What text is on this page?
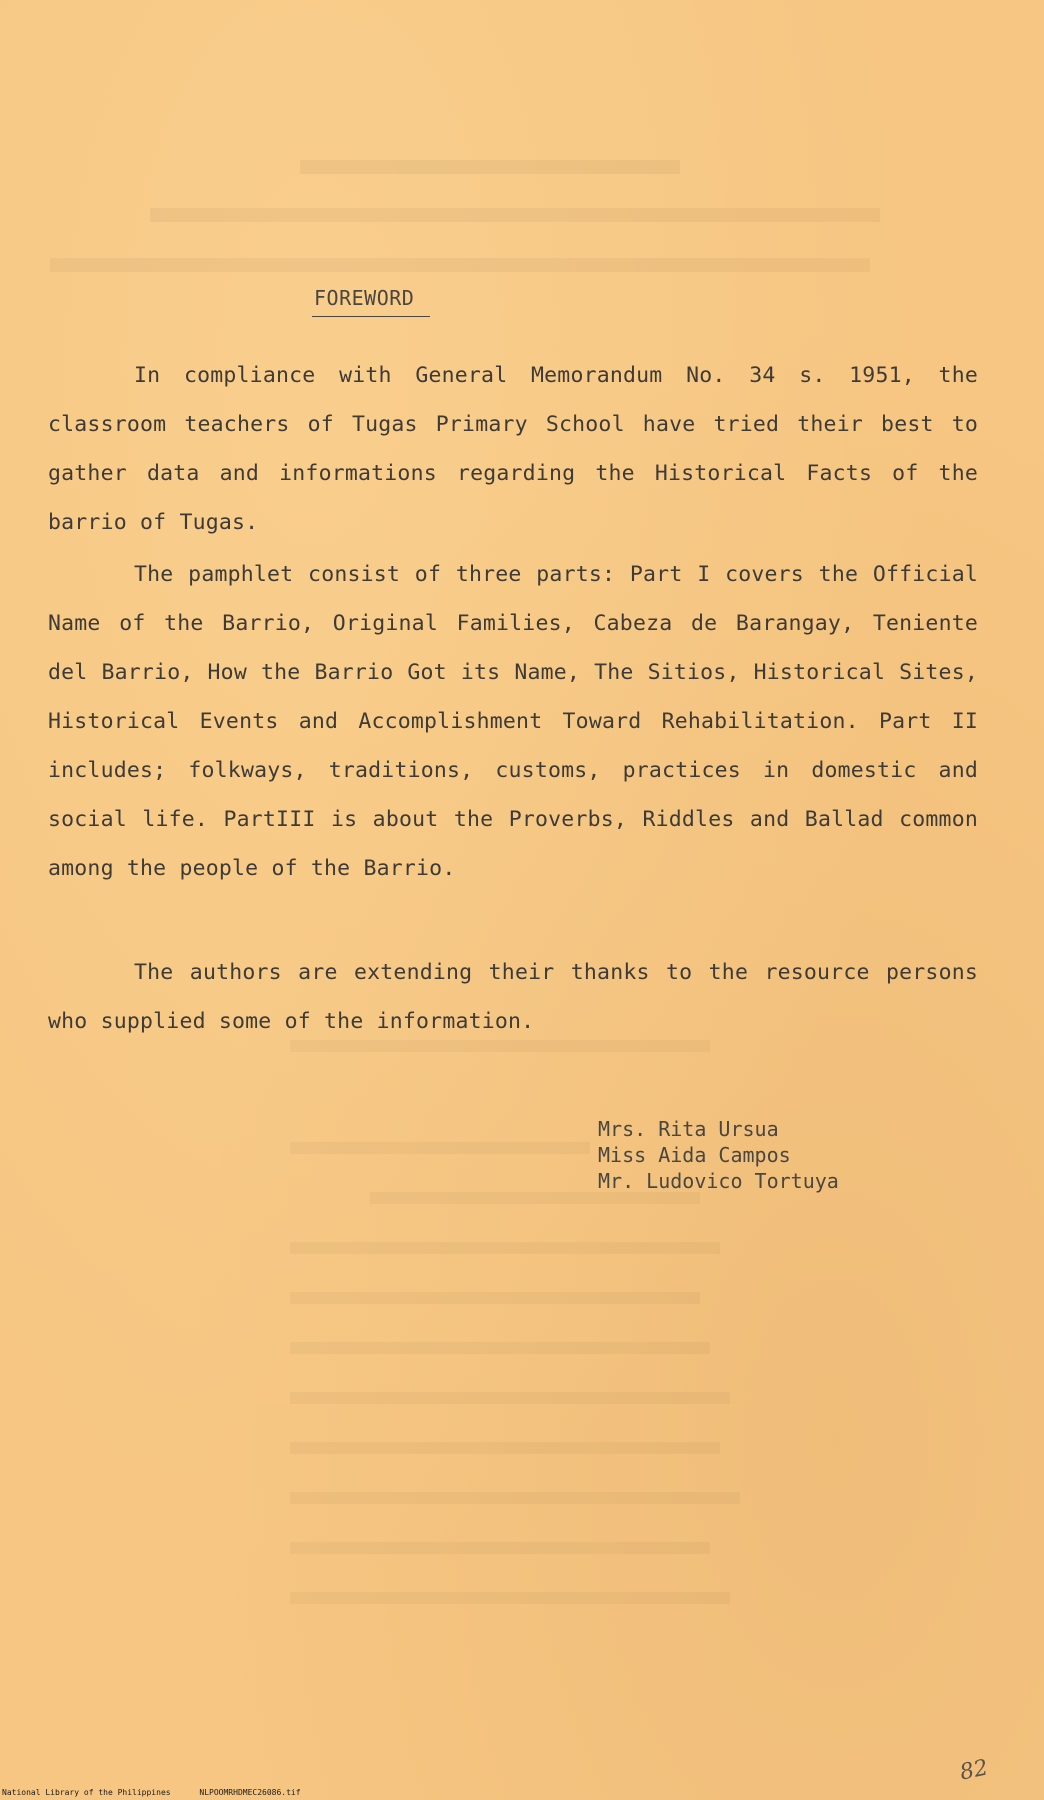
FOREWORD
In compliance with General Memorandum No. 34 s. 1951, the classroom teachers of Tugas Primary School have tried their best to gather data and informations regarding the Historical Facts of the barrio of Tugas.
The pamphlet consist of three parts: Part I covers the Official Name of the Barrio, Original Families, Cabeza de Barangay, Teniente del Barrio, How the Barrio Got its Name, The Sitios, Historical Sites, Historical Events and Accomplishment Toward Rehabilitation. Part II includes; folkways, traditions, customs, practices in domestic and social life. PartIII is about the Proverbs, Riddles and Ballad common among the people of the Barrio.
The authors are extending their thanks to the resource persons who supplied some of the information.
Mrs. Rita Ursua
Miss Aida Campos
Mr. Ludovico Tortuya
82
National Library of the Philippines	NLPOOMRHDMEC26086.tif
